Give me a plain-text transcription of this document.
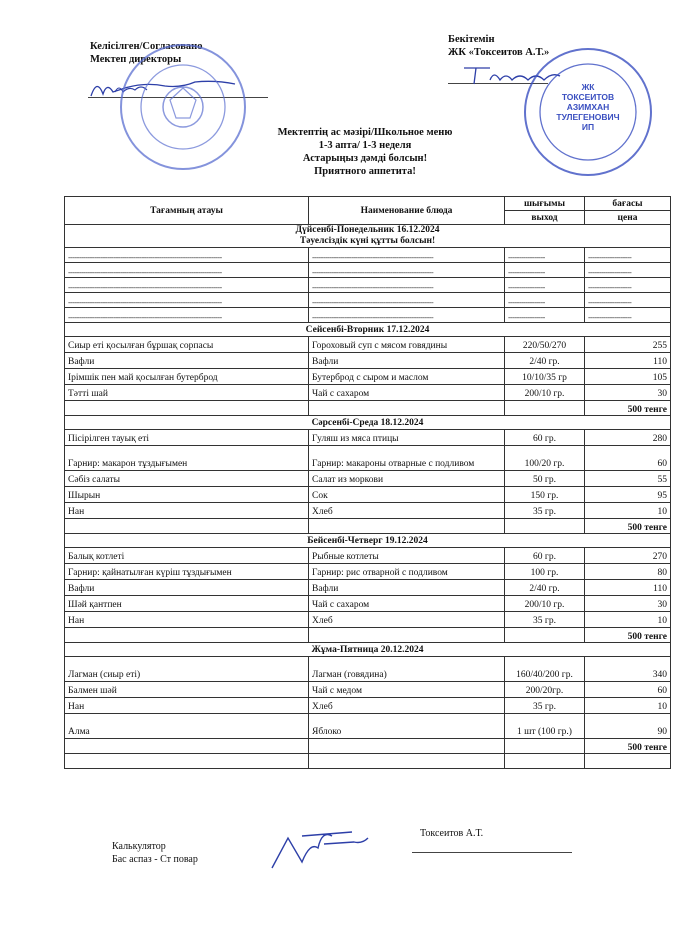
Келісілген/Согласовано
Мектеп директоры
Бекітемін
ЖК «Токсеитов А.Т.»
ЖК
ТОКСЕИТОВ
АЗИМХАН
ТУЛЕГЕНОВИЧ
ИП
Мектептің ас мәзірі/Школьное меню
1-3 апта/ 1-3 неделя
Астарыңыз дәмді болсын!
Приятного аппетита!
Тағамның атауы	Наименование блюда	шығымы	бағасы
		выход	цена

Дүйсенбі-Понедельник 16.12.2024
Тәуелсіздік күні құтты болсын!			

-----------------------------------------------------------------------	--------------------------------------------------------	-----------------	--------------------
-----------------------------------------------------------------------	--------------------------------------------------------	-----------------	--------------------
-----------------------------------------------------------------------	--------------------------------------------------------	-----------------	--------------------
-----------------------------------------------------------------------	--------------------------------------------------------	-----------------	--------------------
-----------------------------------------------------------------------	--------------------------------------------------------	-----------------	--------------------
Сейсенбі-Вторник 17.12.2024			
Сиыр еті қосылған бұршақ сорпасы	Гороховый суп с мясом говядины	220/50/270	255
Вафли	Вафли	2/40 гр.	110
Ірімшік пен май қосылған бутерброд	Бутерброд с сыром и маслом	10/10/35 гр	105
Тәтті шай	Чай с сахаром	200/10 гр.	30
			500 тенге
Сәрсенбі-Среда 18.12.2024			
Пісірілген тауық еті	Гуляш из мяса птицы	60 гр.	280
Гарнир: макарон тұздығымен	Гарнир: макароны отварные с подливом	100/20 гр.	60
Сәбіз салаты	Салат из моркови	50 гр.	55
Шырын	Сок	150 гр.	95
Нан	Хлеб	35 гр.	10
			500 тенге
Бейсенбі-Четверг 19.12.2024			
Балық котлеті	Рыбные котлеты	60 гр.	270
Гарнир: қайнатылған күріш тұздығымен	Гарнир: рис отварной с подливом	100 гр.	80
Вафли	Вафли	2/40 гр.	110
Шәй қантпен	Чай с сахаром	200/10 гр.	30
Нан	Хлеб	35 гр.	10
			500 тенге
Жұма-Пятница 20.12.2024			
Лагман (сиыр еті)	Лагман (говядина)	160/40/200 гр.	340
Балмен шәй	Чай с медом	200/20гр.	60
Нан	Хлеб	35 гр.	10
Алма	Яблоко	1 шт (100 гр.)	90
			500 тенге

Калькулятор
Бас аспаз - Ст повар
Токсеитов А.Т.
